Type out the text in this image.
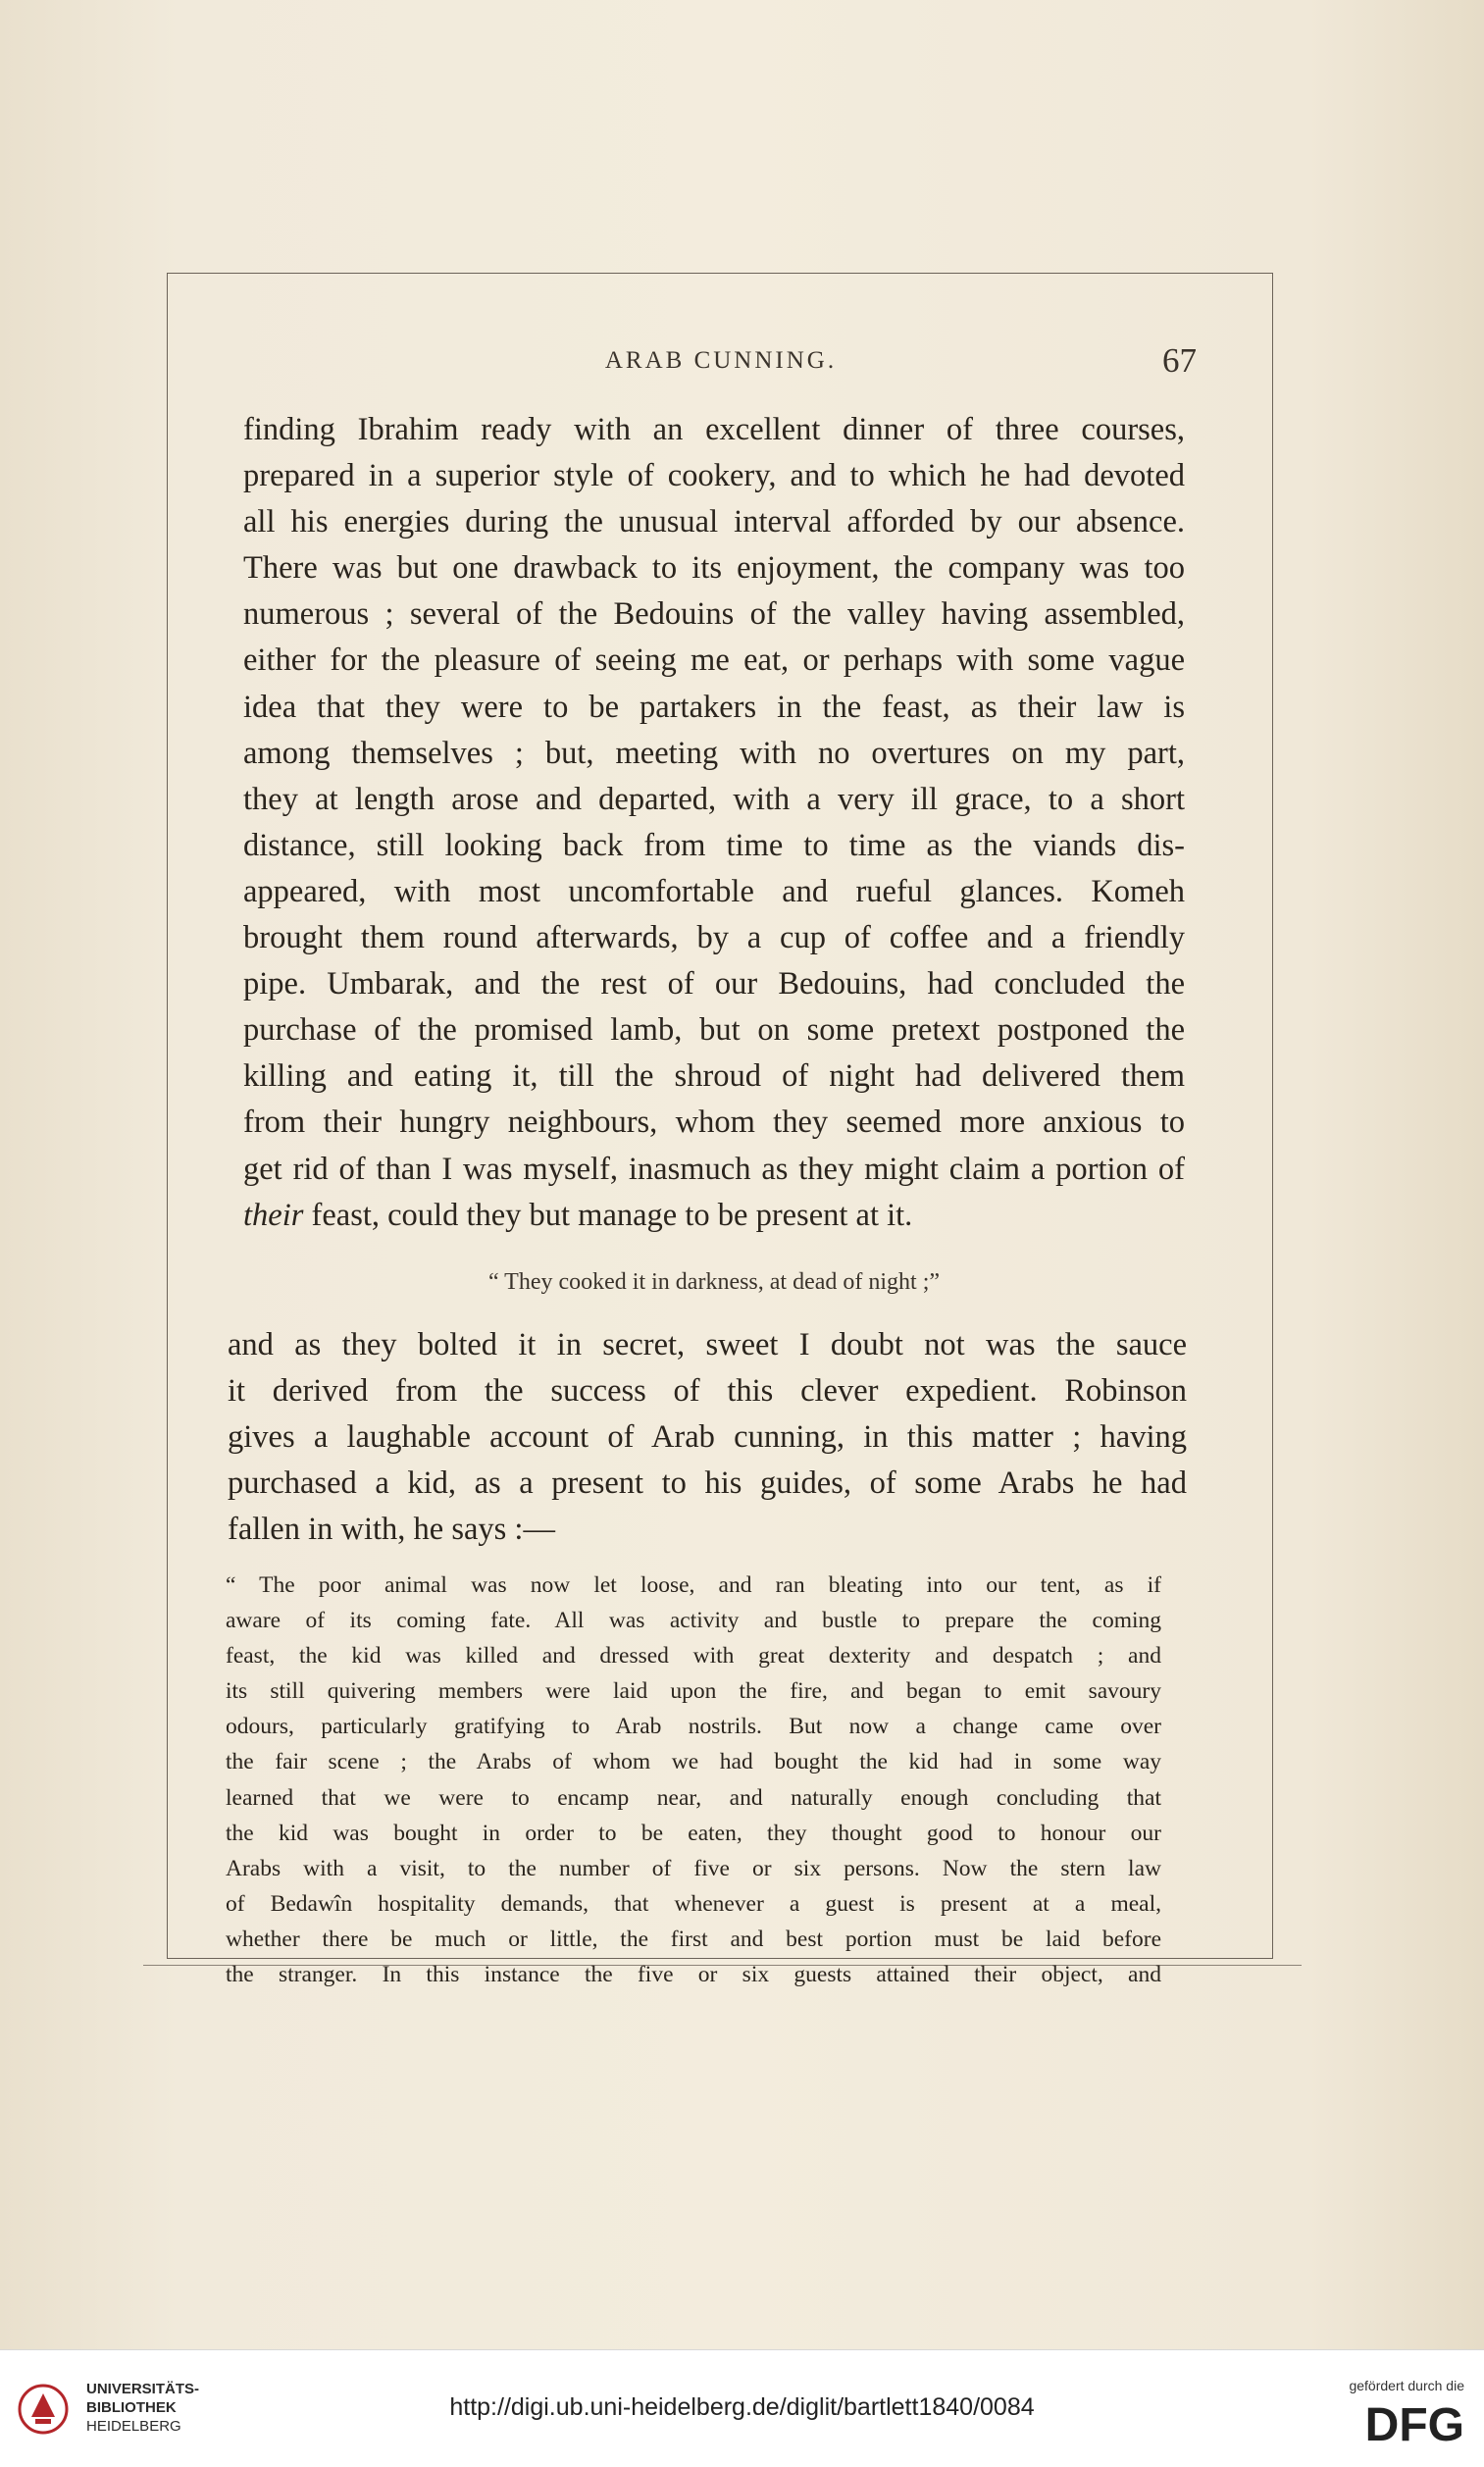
ARAB CUNNING.	67
finding Ibrahim ready with an excellent dinner of three courses,
prepared in a superior style of cookery, and to which he had devoted
all his energies during the unusual interval afforded by our absence.
There was but one drawback to its enjoyment, the company was too
numerous ; several of the Bedouins of the valley having assembled,
either for the pleasure of seeing me eat, or perhaps with some vague
idea that they were to be partakers in the feast, as their law is
among themselves ; but, meeting with no overtures on my part,
they at length arose and departed, with a very ill grace, to a short
distance, still looking back from time to time as the viands dis-
appeared, with most uncomfortable and rueful glances. Komeh
brought them round afterwards, by a cup of coffee and a friendly
pipe. Umbarak, and the rest of our Bedouins, had concluded the
purchase of the promised lamb, but on some pretext postponed the
killing and eating it, till the shroud of night had delivered them
from their hungry neighbours, whom they seemed more anxious to
get rid of than I was myself, inasmuch as they might claim a portion of
their feast, could they but manage to be present at it.
“ They cooked it in darkness, at dead of night ;”
and as they bolted it in secret, sweet I doubt not was the sauce
it derived from the success of this clever expedient. Robinson
gives a laughable account of Arab cunning, in this matter ; having
purchased a kid, as a present to his guides, of some Arabs he had
fallen in with, he says :—
“ The poor animal was now let loose, and ran bleating into our tent, as if
aware of its coming fate. All was activity and bustle to prepare the coming
feast, the kid was killed and dressed with great dexterity and despatch ; and
its still quivering members were laid upon the fire, and began to emit savoury
odours, particularly gratifying to Arab nostrils. But now a change came over
the fair scene ; the Arabs of whom we had bought the kid had in some way
learned that we were to encamp near, and naturally enough concluding that
the kid was bought in order to be eaten, they thought good to honour our
Arabs with a visit, to the number of five or six persons. Now the stern law
of Bedawîn hospitality demands, that whenever a guest is present at a meal,
whether there be much or little, the first and best portion must be laid before
the stranger. In this instance the five or six guests attained their object, and
UNIVERSITÄTS-
BIBLIOTHEK
HEIDELBERG
http://digi.ub.uni-heidelberg.de/diglit/bartlett1840/0084
gefördert durch die
DFG
